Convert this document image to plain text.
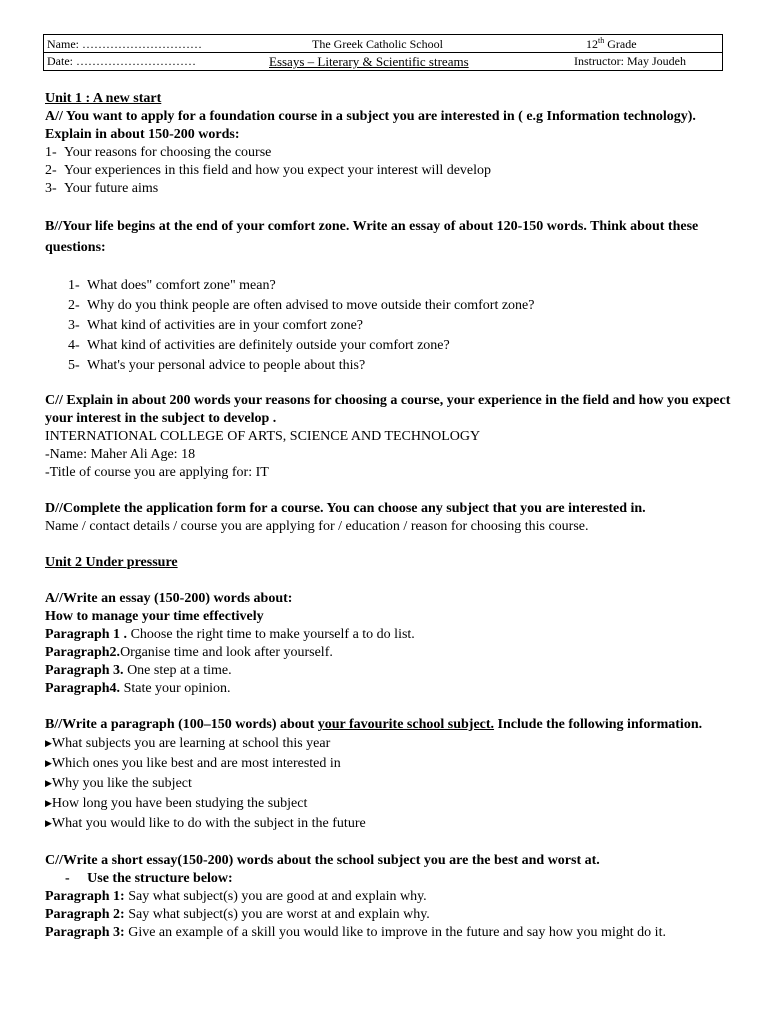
Name: …………………………	The Greek Catholic School	12th Grade
Date: …………………………	Essays – Literary & Scientific streams	Instructor: May Joudeh

Unit 1 : A new start

A// You want to apply for a foundation course in a subject you are interested in ( e.g Information technology). Explain in about 150-200 words:

1- Your reasons for choosing the course

2- Your experiences in this field and how you expect your interest will develop

3- Your future aims

B//Your life begins at the end of your comfort zone. Write an essay of about 120-150 words. Think about these questions:

1- What does" comfort zone" mean?

2- Why do you think people are often advised to move outside their comfort zone?

3- What kind of activities are in your comfort zone?

4- What kind of activities are definitely outside your comfort zone?

5- What's your personal advice to people about this?

C// Explain in about 200 words your reasons for choosing a course, your experience in the field and how you expect your interest in the subject to develop .

INTERNATIONAL COLLEGE OF ARTS, SCIENCE AND TECHNOLOGY

-Name: Maher Ali Age: 18

-Title of course you are applying for: IT

D//Complete the application form for a course. You can choose any subject that you are interested in.

Name / contact details / course you are applying for / education / reason for choosing this course.

Unit 2 Under pressure

A//Write an essay (150-200) words about:

How to manage your time effectively

Paragraph 1 . Choose the right time to make yourself a to do list.

Paragraph2.Organise time and look after yourself.

Paragraph 3. One step at a time.

Paragraph4. State your opinion.

B//Write a paragraph (100–150 words) about your favourite school subject. Include the following information.

▶What subjects you are learning at school this year

▶Which ones you like best and are most interested in

▶Why you like the subject

▶How long you have been studying the subject

▶What you would like to do with the subject in the future

C//Write a short essay(150-200) words about the school subject you are the best and worst at.

-     Use the structure below:

Paragraph 1: Say what subject(s) you are good at and explain why.

Paragraph 2: Say what subject(s) you are worst at and explain why.

Paragraph 3: Give an example of a skill you would like to improve in the future and say how you might do it.
